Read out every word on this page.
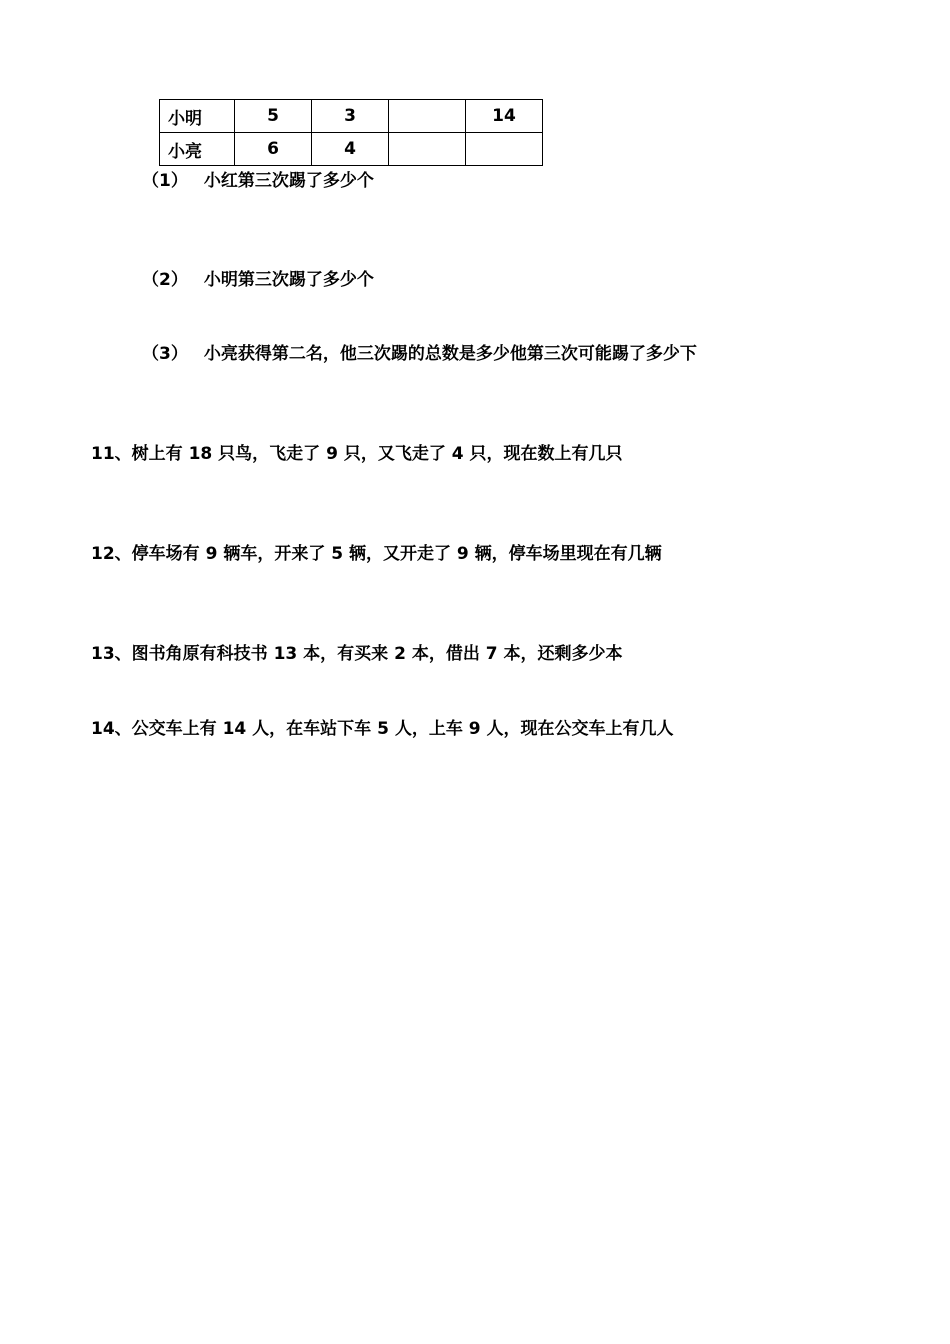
小明	5	3		14
小亮	6	4		
（1） 小红第三次踢了多少个
（2） 小明第三次踢了多少个
（3） 小亮获得第二名，他三次踢的总数是多少他第三次可能踢了多少下
11、树上有 18 只鸟，飞走了 9 只，又飞走了 4 只，现在数上有几只
12、停车场有 9 辆车，开来了 5 辆，又开走了 9 辆，停车场里现在有几辆
13、图书角原有科技书 13 本，有买来 2 本，借出 7 本，还剩多少本
14、公交车上有 14 人，在车站下车 5 人，上车 9 人，现在公交车上有几人
